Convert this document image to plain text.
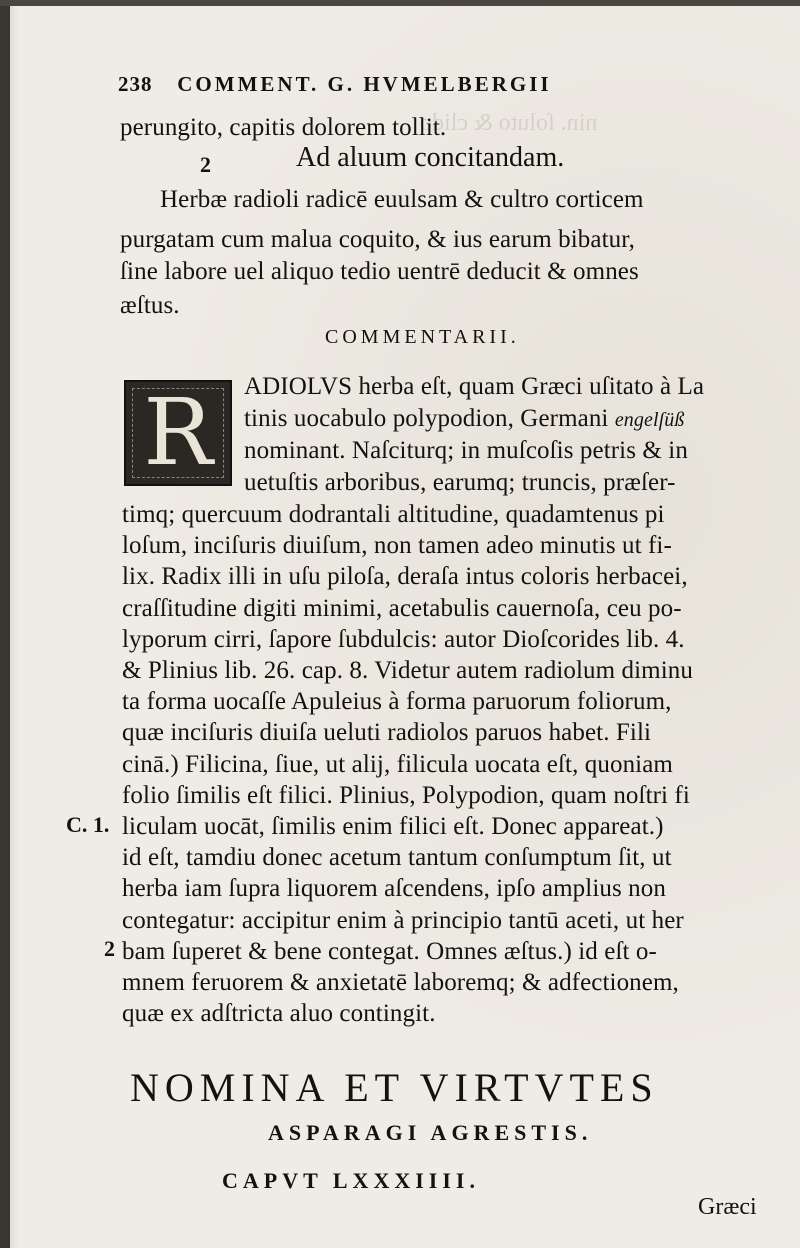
nin. ſoluto & clido
238 COMMENT. G. HVMELBERGII
perungito, capitis dolorem tollit.
2	Ad aluum concitandam.
Herbæ radioli radicē euulsam & cultro corticem
purgatam cum malua coquito, & ius earum bibatur,
ſine labore uel aliquo tedio uentrē deducit & omnes
æſtus.
COMMENTARII.
R	ADIOLVS herba eſt, quam Græci uſitato à La
tinis uocabulo polypodion, Germani engelſüß
nominant. Naſciturq; in muſcoſis petris & in
uetuſtis arboribus, earumq; truncis, præſer-
timq; quercuum dodrantali altitudine, quadamtenus pi
loſum, inciſuris diuiſum, non tamen adeo minutis ut fi-
lix. Radix illi in uſu piloſa, deraſa intus coloris herbacei,
craſſitudine digiti minimi, acetabulis cauernoſa, ceu po-
lyporum cirri, ſapore ſubdulcis: autor Dioſcorides lib. 4.
& Plinius lib. 26. cap. 8. Videtur autem radiolum diminu
ta forma uocaſſe Apuleius à forma paruorum foliorum,
quæ inciſuris diuiſa ueluti radiolos paruos habet. Fili
cinā.) Filicina, ſiue, ut alij, filicula uocata eſt, quoniam
folio ſimilis eſt filici. Plinius, Polypodion, quam noſtri fi
liculam uocāt, ſimilis enim filici eſt. Donec appareat.)
id eſt, tamdiu donec acetum tantum conſumptum ſit, ut
herba iam ſupra liquorem aſcendens, ipſo amplius non
contegatur: accipitur enim à principio tantū aceti, ut her
bam ſuperet & bene contegat. Omnes æſtus.) id eſt o-
mnem feruorem & anxietatē laboremq; & adfectionem,
quæ ex adſtricta aluo contingit.
C. 1.
2
NOMINA ET VIRTVTES
ASPARAGI AGRESTIS.
CAPVT LXXXIIII.
Græci
